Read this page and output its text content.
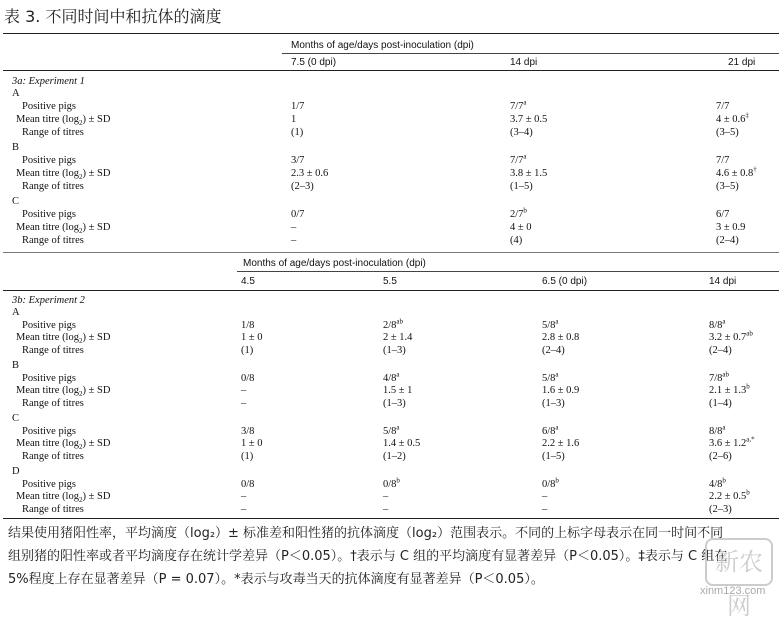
表 3. 不同时间中和抗体的滴度
Months of age/days post-inoculation (dpi)
7.5 (0 dpi)	14 dpi	21 dpi
3a: Experiment 1
A
Positive pigs	1/7	7/7$^a$	7/7
Mean titre $(\log_2)$ ± SD	1	3.7 ± 0.5	4 ± 0.6‡
Range of titres	(1)	(3–4)	(3–5)
B
Positive pigs	3/7	7/7$^a$	7/7
Mean titre $(\log_2)$ ± SD	2.3 ± 0.6	3.8 ± 1.5	4.6 ± 0.8†
Range of titres	(2–3)	(1–5)	(3–5)
C
Positive pigs	0/7	2/7$^b$	6/7
Mean titre $(\log_2)$ ± SD	–	4 ± 0	3 ± 0.9
Range of titres	–	(4)	(2–4)
Months of age/days post-inoculation (dpi)
4.5	5.5	6.5 (0 dpi)	14 dpi
3b: Experiment 2
A
Positive pigs	1/8	$2/8^{ab}$	5/8$^a$	8/8$^a$
Mean titre $(\log_2)$ ± SD	1 ± 0	2 ± 1.4	2.8 ± 0.8	3.2 ± 0.7$^{ab}$
Range of titres	(1)	(1–3)	(2–4)	(2–4)
B
Positive pigs	0/8	4/8$^a$	5/8$^a$	$7/8^{ab}$
Mean titre $(\log_2)$ ± SD	–	1.5 ± 1	1.6 ± 0.9	2.1 ± 1.3$^b$
Range of titres	–	(1–3)	(1–3)	(1–4)
C
Positive pigs	3/8	5/8$^a$	6/8$^a$	8/8$^a$
Mean titre $(\log_2)$ ± SD	1 ± 0	1.4 ± 0.5	2.2 ± 1.6	$3.6 \pm 1.2^{a,*}$
Range of titres	(1)	(1–2)	(1–5)	(2–6)
D
Positive pigs	0/8	0/8$^b$	0/8$^b$	4/8$^b$
Mean titre $(\log_2)$ ± SD	–	–	–	2.2 ± 0.5$^b$
Range of titres	–	–	–	(2–3)
结果使用猪阳性率，平均滴度（log₂）± 标准差和阳性猪的抗体滴度（log₂）范围表示。不同的上标字母表示在同一时间不同组别猪的阳性率或者平均滴度存在统计学差异（P＜0.05）。†表示与 C 组的平均滴度有显著差异（P＜0.05）。‡表示与 C 组在 5%程度上存在显著差异（P = 0.07）。*表示与攻毒当天的抗体滴度有显著差异（P＜0.05）。
新农网
xinm123.com
